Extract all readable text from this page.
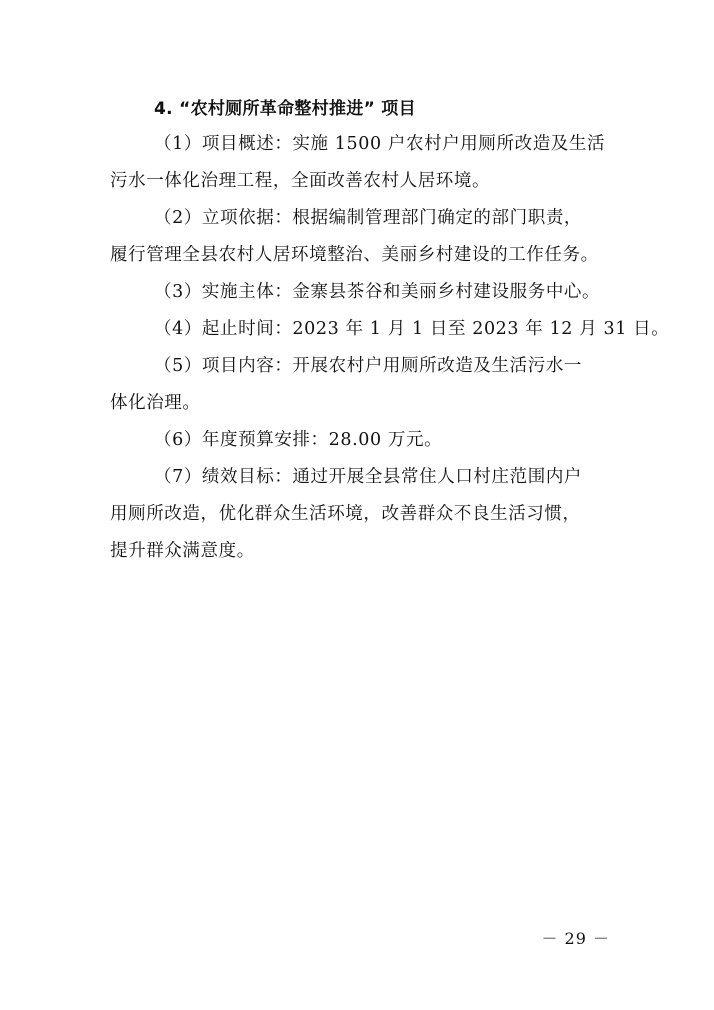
4. “农村厕所革命整村推进” 项目
（1）项目概述：实施 1500 户农村户用厕所改造及生活
污水一体化治理工程，全面改善农村人居环境。
（2）立项依据：根据编制管理部门确定的部门职责，
履行管理全县农村人居环境整治、美丽乡村建设的工作任务。
（3）实施主体：金寨县茶谷和美丽乡村建设服务中心。
（4）起止时间：2023 年 1 月 1 日至 2023 年 12 月 31 日。
（5）项目内容：开展农村户用厕所改造及生活污水一
体化治理。
（6）年度预算安排：28.00 万元。
（7）绩效目标：通过开展全县常住人口村庄范围内户
用厕所改造，优化群众生活环境，改善群众不良生活习惯，
提升群众满意度。
－ 29 －
